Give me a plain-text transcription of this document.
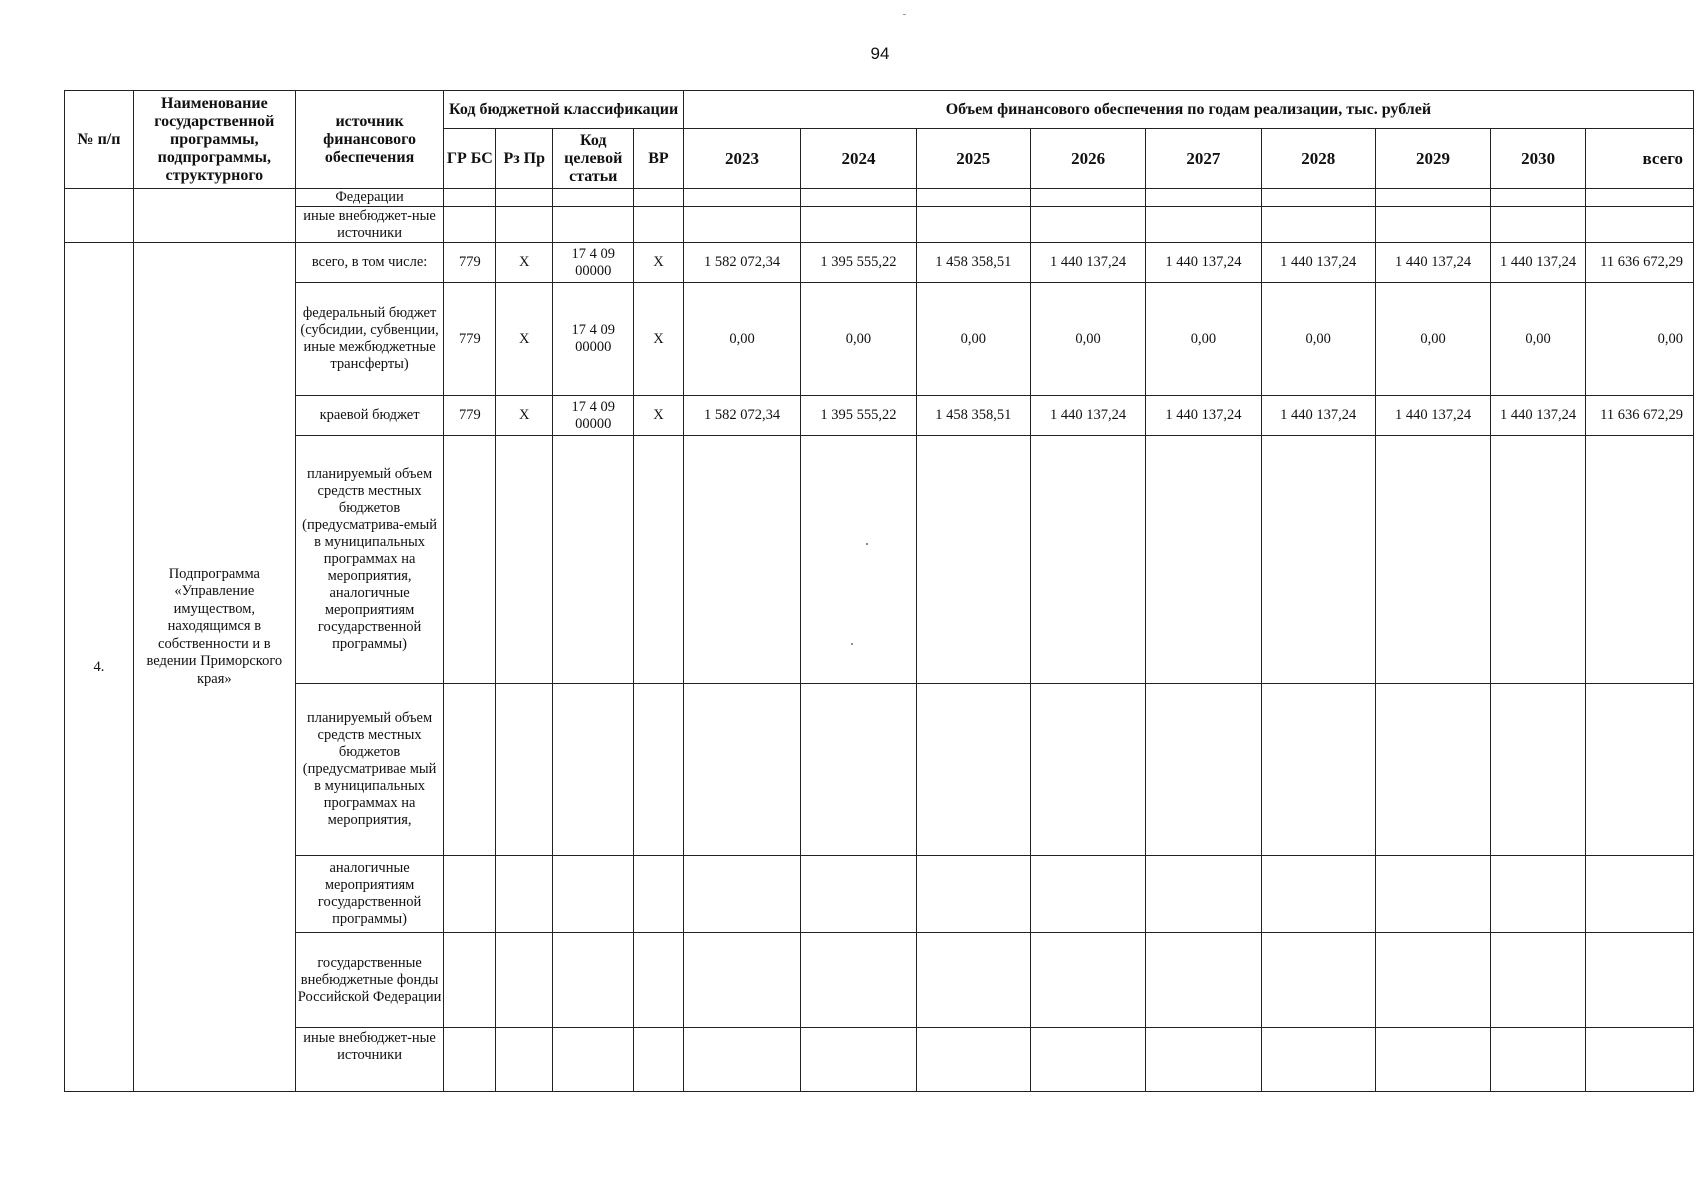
94
№ п/п	Наименование государственной программы, подпрограммы, структурного	источник финансового обеспечения	Код бюджетной классификации				Объем финансового обеспечения по годам реализации, тыс. рублей								
			ГР БС	Рз Пр	Код целевой статьи	ВР	2023	2024	2025	2026	2027	2028	2029	2030	всего
		Федерации													
		иные внебюджет-ные источники													
4.	Подпрограмма «Управление имуществом, находящимся в собственности и в ведении Приморского края»	всего, в том числе:	779	X	17 4 09 00000	X	1 582 072,34	1 395 555,22	1 458 358,51	1 440 137,24	1 440 137,24	1 440 137,24	1 440 137,24	1 440 137,24	11 636 672,29
		федеральный бюджет (субсидии, субвенции, иные межбюджетные трансферты)	779	X	17 4 09 00000	X	0,00	0,00	0,00	0,00	0,00	0,00	0,00	0,00	0,00
		краевой бюджет	779	X	17 4 09 00000	X	1 582 072,34	1 395 555,22	1 458 358,51	1 440 137,24	1 440 137,24	1 440 137,24	1 440 137,24	1 440 137,24	11 636 672,29
		планируемый объем средств местных бюджетов (предусматрива-емый в муниципальных программах на мероприятия, аналогичные мероприятиям государственной программы)													
		планируемый объем средств местных бюджетов (предусматривае мый в муниципальных программах на мероприятия,													
		аналогичные мероприятиям государственной программы)													
		государственные внебюджетные фонды Российской Федерации													
		иные внебюджет-ные источники													
